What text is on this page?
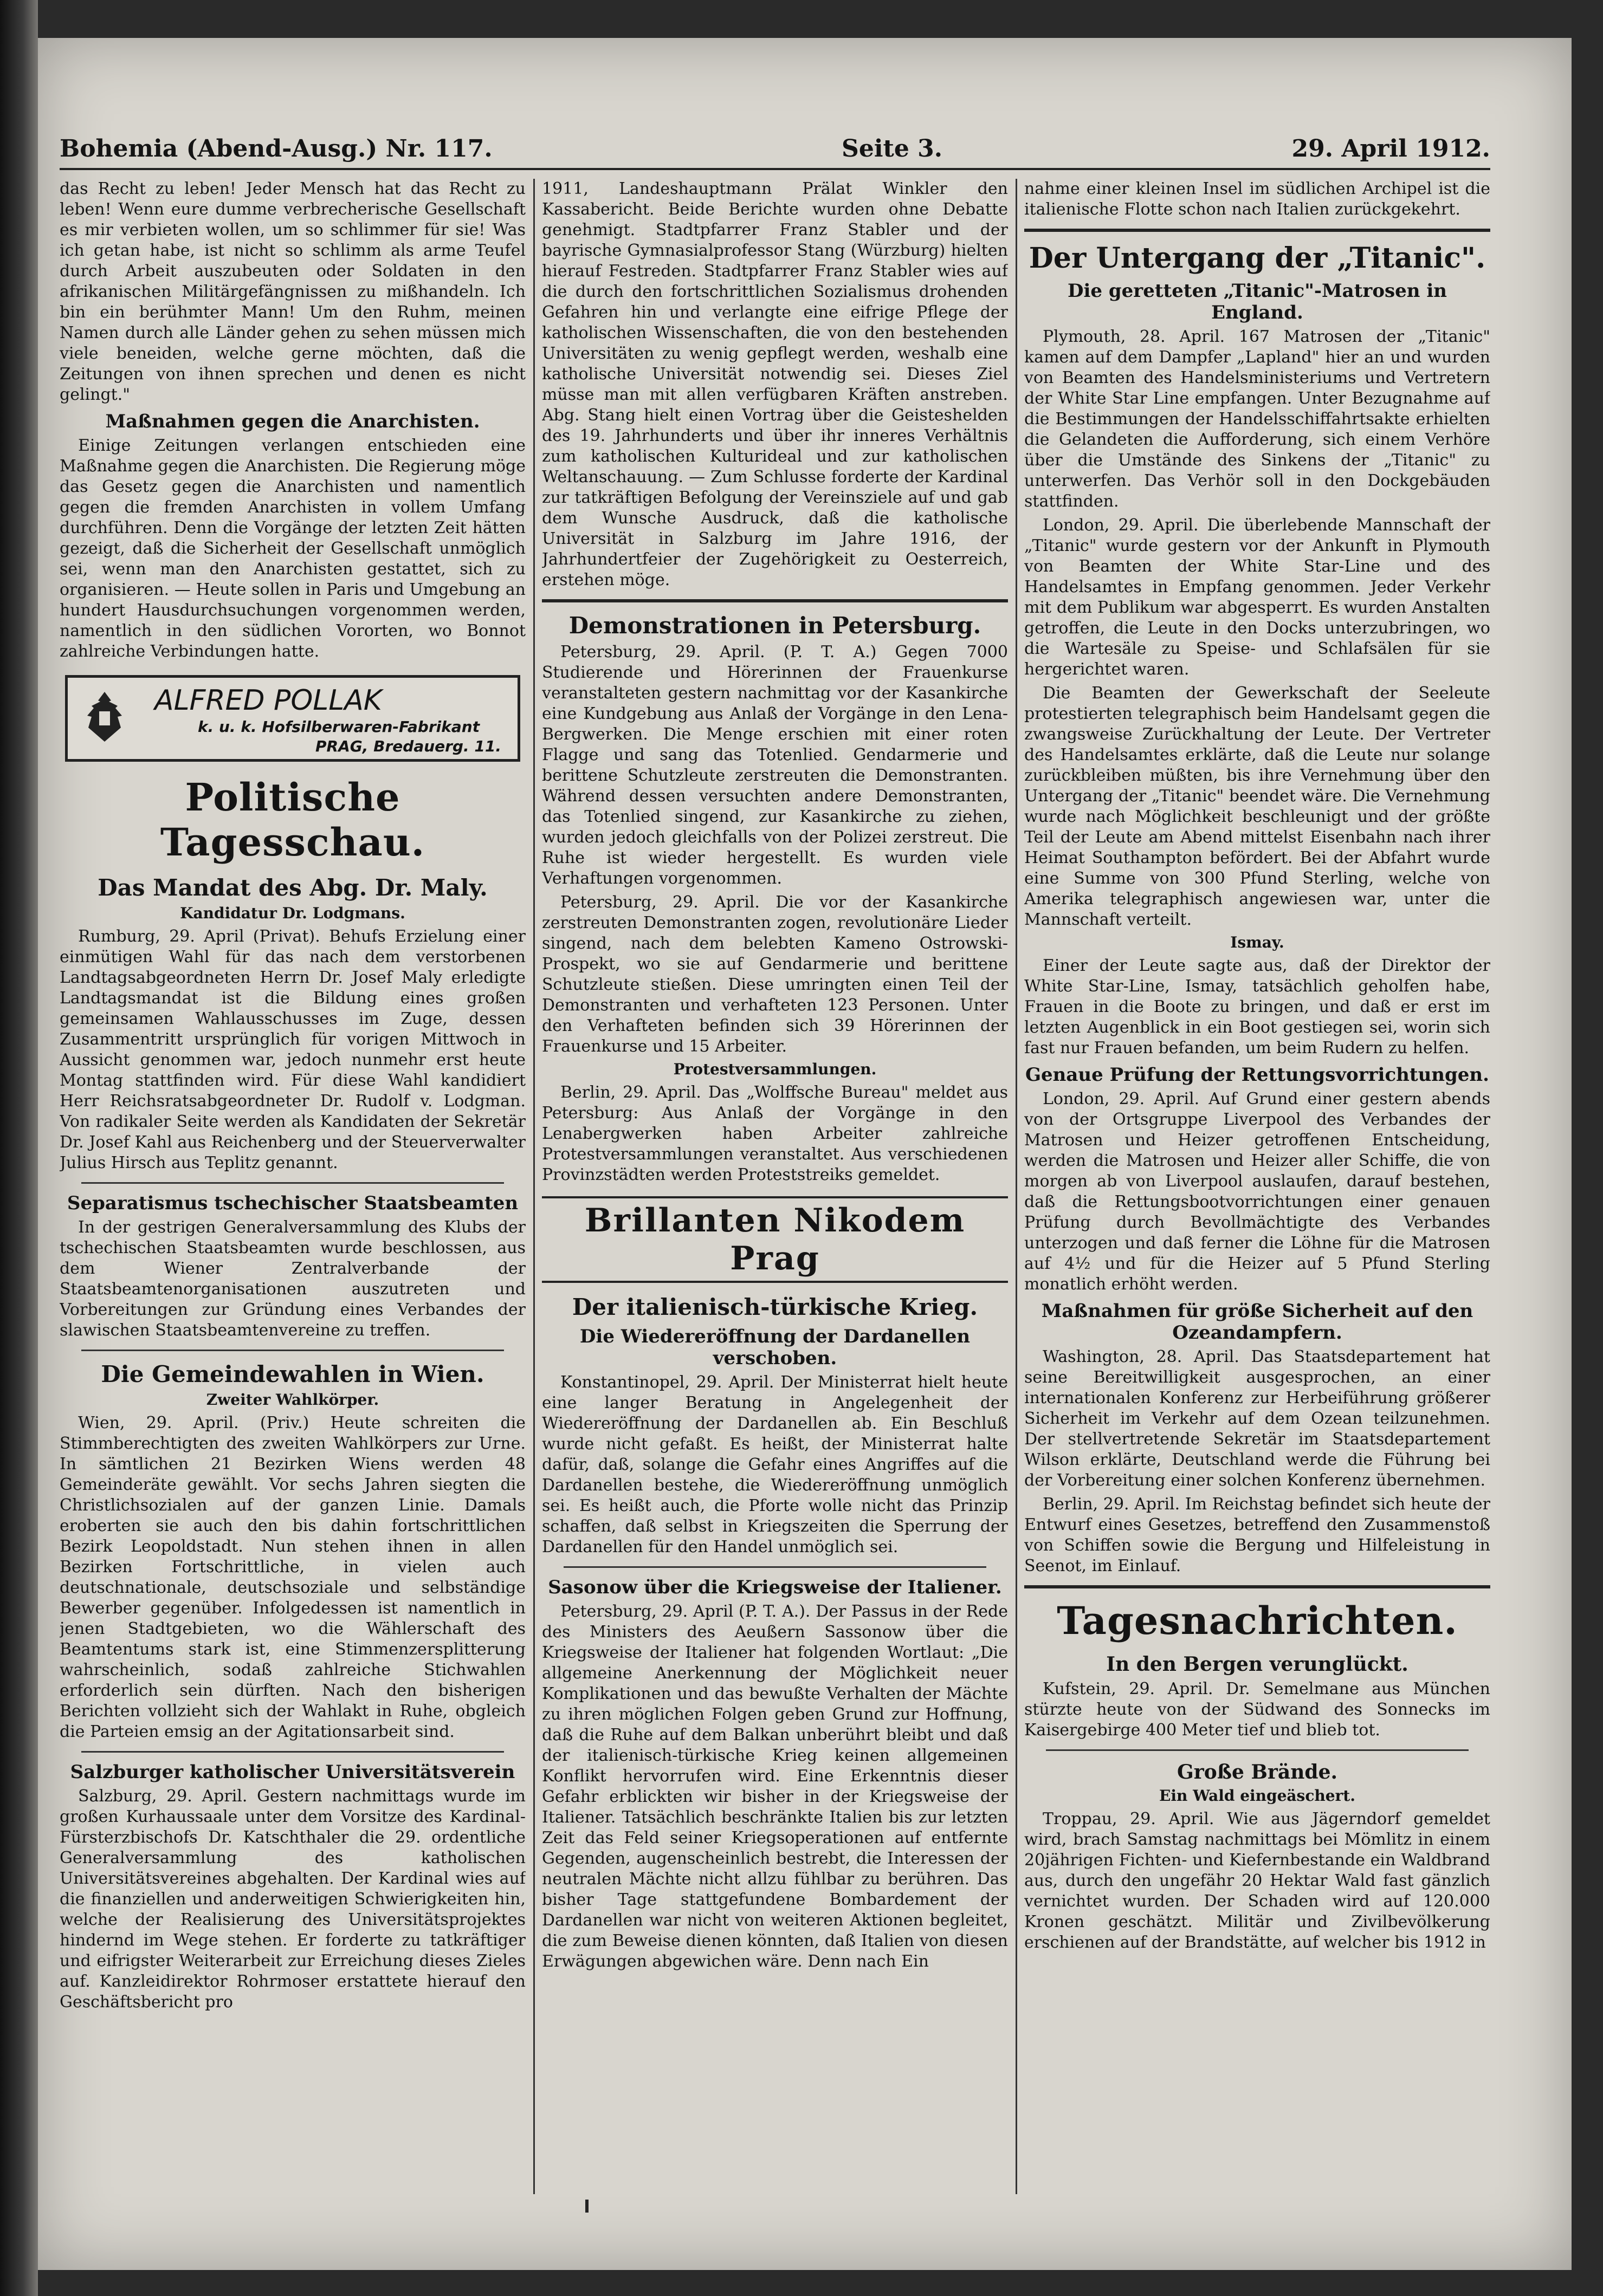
Bohemia (Abend-Ausg.) Nr. 117.	Seite 3.	29. April 1912.

das Recht zu leben! Jeder Mensch hat das Recht zu leben! Wenn eure dumme verbrecherische Gesellschaft es mir verbieten wollen, um so schlimmer für sie! Was ich getan habe, ist nicht so schlimm als arme Teufel durch Arbeit auszubeuten oder Soldaten in den afrikanischen Militärgefängnissen zu mißhandeln. Ich bin ein berühmter Mann! Um den Ruhm, meinen Namen durch alle Länder gehen zu sehen müssen mich viele beneiden, welche gerne möchten, daß die Zeitungen von ihnen sprechen und denen es nicht gelingt."

Maßnahmen gegen die Anarchisten.

Einige Zeitungen verlangen entschieden eine Maßnahme gegen die Anarchisten. Die Regierung möge das Gesetz gegen die Anarchisten und namentlich gegen die fremden Anarchisten in vollem Umfang durchführen. Denn die Vorgänge der letzten Zeit hätten gezeigt, daß die Sicherheit der Gesellschaft unmöglich sei, wenn man den Anarchisten gestattet, sich zu organisieren. — Heute sollen in Paris und Umgebung an hundert Hausdurchsuchungen vorgenommen werden, namentlich in den südlichen Vororten, wo Bonnot zahlreiche Verbindungen hatte.

ALFRED POLLAK
k. u. k. Hofsilberwaren-Fabrikant
PRAG, Bredauerg. 11.
Politische Tagesschau.
Das Mandat des Abg. Dr. Maly.
Kandidatur Dr. Lodgmans.

Rumburg, 29. April (Privat). Behufs Erzielung einer einmütigen Wahl für das nach dem verstorbenen Landtagsabgeordneten Herrn Dr. Josef Maly erledigte Landtagsmandat ist die Bildung eines großen gemeinsamen Wahlausschusses im Zuge, dessen Zusammentritt ursprünglich für vorigen Mittwoch in Aussicht genommen war, jedoch nunmehr erst heute Montag stattfinden wird. Für diese Wahl kandidiert Herr Reichsratsabgeordneter Dr. Rudolf v. Lodgman. Von radikaler Seite werden als Kandidaten der Sekretär Dr. Josef Kahl aus Reichenberg und der Steuerverwalter Julius Hirsch aus Teplitz genannt.

Separatismus tschechischer Staatsbeamten

In der gestrigen Generalversammlung des Klubs der tschechischen Staatsbeamten wurde beschlossen, aus dem Wiener Zentralverbande der Staatsbeamtenorganisationen auszutreten und Vorbereitungen zur Gründung eines Verbandes der slawischen Staatsbeamtenvereine zu treffen.

Die Gemeindewahlen in Wien.
Zweiter Wahlkörper.

Wien, 29. April. (Priv.) Heute schreiten die Stimmberechtigten des zweiten Wahlkörpers zur Urne. In sämtlichen 21 Bezirken Wiens werden 48 Gemeinderäte gewählt. Vor sechs Jahren siegten die Christlichsozialen auf der ganzen Linie. Damals eroberten sie auch den bis dahin fortschrittlichen Bezirk Leopoldstadt. Nun stehen ihnen in allen Bezirken Fortschrittliche, in vielen auch deutschnationale, deutschsoziale und selbständige Bewerber gegenüber. Infolgedessen ist namentlich in jenen Stadtgebieten, wo die Wählerschaft des Beamtentums stark ist, eine Stimmenzersplitterung wahrscheinlich, sodaß zahlreiche Stichwahlen erforderlich sein dürften. Nach den bisherigen Berichten vollzieht sich der Wahlakt in Ruhe, obgleich die Parteien emsig an der Agitationsarbeit sind.

Salzburger katholischer Universitätsverein

Salzburg, 29. April. Gestern nachmittags wurde im großen Kurhaussaale unter dem Vorsitze des Kardinal-Fürsterzbischofs Dr. Katschthaler die 29. ordentliche Generalversammlung des katholischen Universitätsvereines abgehalten. Der Kardinal wies auf die finanziellen und anderweitigen Schwierigkeiten hin, welche der Realisierung des Universitätsprojektes hindernd im Wege stehen. Er forderte zu tatkräftiger und eifrigster Weiterarbeit zur Erreichung dieses Zieles auf. Kanzleidirektor Rohrmoser erstattete hierauf den Geschäftsbericht pro

1911, Landeshauptmann Prälat Winkler den Kassabericht. Beide Berichte wurden ohne Debatte genehmigt. Stadtpfarrer Franz Stabler und der bayrische Gymnasialprofessor Stang (Würzburg) hielten hierauf Festreden. Stadtpfarrer Franz Stabler wies auf die durch den fortschrittlichen Sozialismus drohenden Gefahren hin und verlangte eine eifrige Pflege der katholischen Wissenschaften, die von den bestehenden Universitäten zu wenig gepflegt werden, weshalb eine katholische Universität notwendig sei. Dieses Ziel müsse man mit allen verfügbaren Kräften anstreben. Abg. Stang hielt einen Vortrag über die Geisteshelden des 19. Jahrhunderts und über ihr inneres Verhältnis zum katholischen Kulturideal und zur katholischen Weltanschauung. — Zum Schlusse forderte der Kardinal zur tatkräftigen Befolgung der Vereinsziele auf und gab dem Wunsche Ausdruck, daß die katholische Universität in Salzburg im Jahre 1916, der Jahrhundertfeier der Zugehörigkeit zu Oesterreich, erstehen möge.

Demonstrationen in Petersburg.

Petersburg, 29. April. (P. T. A.) Gegen 7000 Studierende und Hörerinnen der Frauenkurse veranstalteten gestern nachmittag vor der Kasankirche eine Kundgebung aus Anlaß der Vorgänge in den Lena-Bergwerken. Die Menge erschien mit einer roten Flagge und sang das Totenlied. Gendarmerie und berittene Schutzleute zerstreuten die Demonstranten. Während dessen versuchten andere Demonstranten, das Totenlied singend, zur Kasankirche zu ziehen, wurden jedoch gleichfalls von der Polizei zerstreut. Die Ruhe ist wieder hergestellt. Es wurden viele Verhaftungen vorgenommen.

Petersburg, 29. April. Die vor der Kasankirche zerstreuten Demonstranten zogen, revolutionäre Lieder singend, nach dem belebten Kameno Ostrowski-Prospekt, wo sie auf Gendarmerie und berittene Schutzleute stießen. Diese umringten einen Teil der Demonstranten und verhafteten 123 Personen. Unter den Verhafteten befinden sich 39 Hörerinnen der Frauenkurse und 15 Arbeiter.

Protestversammlungen.

Berlin, 29. April. Das „Wolffsche Bureau" meldet aus Petersburg: Aus Anlaß der Vorgänge in den Lenabergwerken haben Arbeiter zahlreiche Protestversammlungen veranstaltet. Aus verschiedenen Provinzstädten werden Proteststreiks gemeldet.

Brillanten Nikodem Prag
Der italienisch-türkische Krieg.
Die Wiedereröffnung der Dardanellen verschoben.

Konstantinopel, 29. April. Der Ministerrat hielt heute eine langer Beratung in Angelegenheit der Wiedereröffnung der Dardanellen ab. Ein Beschluß wurde nicht gefaßt. Es heißt, der Ministerrat halte dafür, daß, solange die Gefahr eines Angriffes auf die Dardanellen bestehe, die Wiedereröffnung unmöglich sei. Es heißt auch, die Pforte wolle nicht das Prinzip schaffen, daß selbst in Kriegszeiten die Sperrung der Dardanellen für den Handel unmöglich sei.

Sasonow über die Kriegsweise der Italiener.

Petersburg, 29. April (P. T. A.). Der Passus in der Rede des Ministers des Aeußern Sassonow über die Kriegsweise der Italiener hat folgenden Wortlaut: „Die allgemeine Anerkennung der Möglichkeit neuer Komplikationen und das bewußte Verhalten der Mächte zu ihren möglichen Folgen geben Grund zur Hoffnung, daß die Ruhe auf dem Balkan unberührt bleibt und daß der italienisch-türkische Krieg keinen allgemeinen Konflikt hervorrufen wird. Eine Erkenntnis dieser Gefahr erblickten wir bisher in der Kriegsweise der Italiener. Tatsächlich beschränkte Italien bis zur letzten Zeit das Feld seiner Kriegsoperationen auf entfernte Gegenden, augenscheinlich bestrebt, die Interessen der neutralen Mächte nicht allzu fühlbar zu berühren. Das bisher Tage stattgefundene Bombardement der Dardanellen war nicht von weiteren Aktionen begleitet, die zum Beweise dienen könnten, daß Italien von diesen Erwägungen abgewichen wäre. Denn nach Ein

nahme einer kleinen Insel im südlichen Archipel ist die italienische Flotte schon nach Italien zurückgekehrt.

Der Untergang der „Titanic".
Die geretteten „Titanic"-Matrosen in England.

Plymouth, 28. April. 167 Matrosen der „Titanic" kamen auf dem Dampfer „Lapland" hier an und wurden von Beamten des Handelsministeriums und Vertretern der White Star Line empfangen. Unter Bezugnahme auf die Bestimmungen der Handelsschiffahrtsakte erhielten die Gelandeten die Aufforderung, sich einem Verhöre über die Umstände des Sinkens der „Titanic" zu unterwerfen. Das Verhör soll in den Dockgebäuden stattfinden.

London, 29. April. Die überlebende Mannschaft der „Titanic" wurde gestern vor der Ankunft in Plymouth von Beamten der White Star-Line und des Handelsamtes in Empfang genommen. Jeder Verkehr mit dem Publikum war abgesperrt. Es wurden Anstalten getroffen, die Leute in den Docks unterzubringen, wo die Wartesäle zu Speise- und Schlafsälen für sie hergerichtet waren.

Die Beamten der Gewerkschaft der Seeleute protestierten telegraphisch beim Handelsamt gegen die zwangsweise Zurückhaltung der Leute. Der Vertreter des Handelsamtes erklärte, daß die Leute nur solange zurückbleiben müßten, bis ihre Vernehmung über den Untergang der „Titanic" beendet wäre. Die Vernehmung wurde nach Möglichkeit beschleunigt und der größte Teil der Leute am Abend mittelst Eisenbahn nach ihrer Heimat Southampton befördert. Bei der Abfahrt wurde eine Summe von 300 Pfund Sterling, welche von Amerika telegraphisch angewiesen war, unter die Mannschaft verteilt.

Ismay.

Einer der Leute sagte aus, daß der Direktor der White Star-Line, Ismay, tatsächlich geholfen habe, Frauen in die Boote zu bringen, und daß er erst im letzten Augenblick in ein Boot gestiegen sei, worin sich fast nur Frauen befanden, um beim Rudern zu helfen.

Genaue Prüfung der Rettungsvorrichtungen.

London, 29. April. Auf Grund einer gestern abends von der Ortsgruppe Liverpool des Verbandes der Matrosen und Heizer getroffenen Entscheidung, werden die Matrosen und Heizer aller Schiffe, die von morgen ab von Liverpool auslaufen, darauf bestehen, daß die Rettungsbootvorrichtungen einer genauen Prüfung durch Bevollmächtigte des Verbandes unterzogen und daß ferner die Löhne für die Matrosen auf 4½ und für die Heizer auf 5 Pfund Sterling monatlich erhöht werden.

Maßnahmen für größe Sicherheit auf den Ozeandampfern.

Washington, 28. April. Das Staatsdepartement hat seine Bereitwilligkeit ausgesprochen, an einer internationalen Konferenz zur Herbeiführung größerer Sicherheit im Verkehr auf dem Ozean teilzunehmen. Der stellvertretende Sekretär im Staatsdepartement Wilson erklärte, Deutschland werde die Führung bei der Vorbereitung einer solchen Konferenz übernehmen.

Berlin, 29. April. Im Reichstag befindet sich heute der Entwurf eines Gesetzes, betreffend den Zusammenstoß von Schiffen sowie die Bergung und Hilfeleistung in Seenot, im Einlauf.

Tagesnachrichten.
In den Bergen verunglückt.

Kufstein, 29. April. Dr. Semelmane aus München stürzte heute von der Südwand des Sonnecks im Kaisergebirge 400 Meter tief und blieb tot.

Große Brände.
Ein Wald eingeäschert.

Troppau, 29. April. Wie aus Jägerndorf gemeldet wird, brach Samstag nachmittags bei Mömlitz in einem 20jährigen Fichten- und Kiefernbestande ein Waldbrand aus, durch den ungefähr 20 Hektar Wald fast gänzlich vernichtet wurden. Der Schaden wird auf 120.000 Kronen geschätzt. Militär und Zivilbevölkerung erschienen auf der Brandstätte, auf welcher bis 1912 in
